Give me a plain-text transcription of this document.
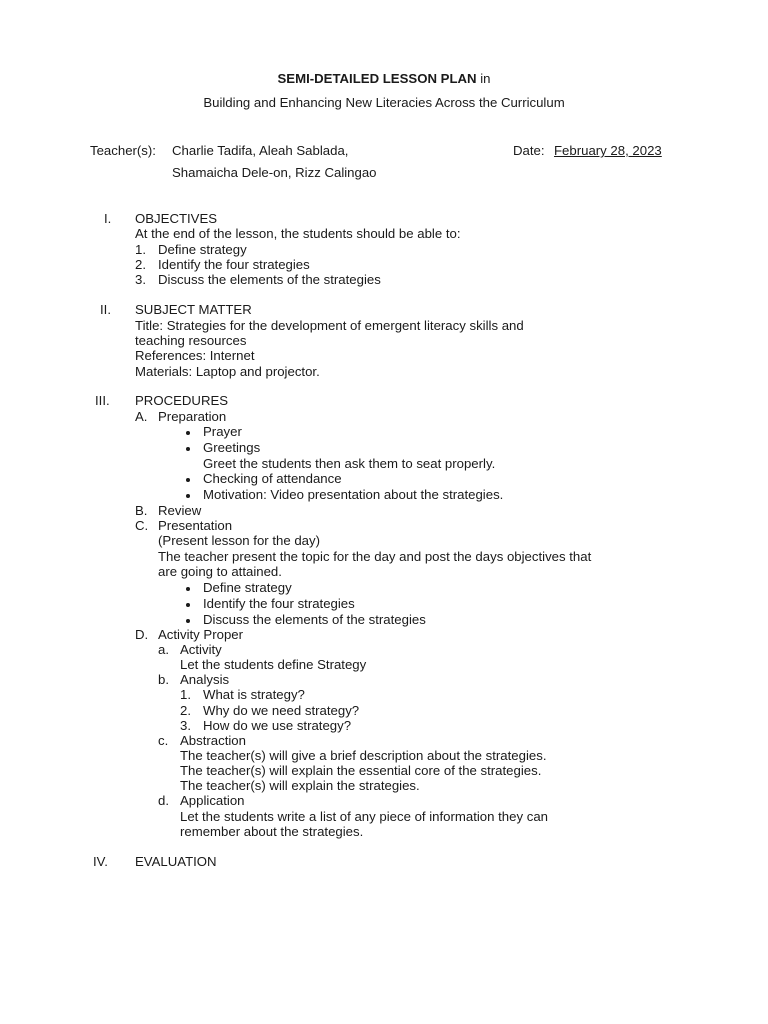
SEMI-DETAILED LESSON PLAN in
Building and Enhancing New Literacies Across the Curriculum
Teacher(s): Charlie Tadifa, Aleah Sablada,
Shamaicha Dele-on, Rizz Calingao
Date: February 28, 2023
I. OBJECTIVES
At the end of the lesson, the students should be able to:
1. Define strategy
2. Identify the four strategies
3. Discuss the elements of the strategies
II. SUBJECT MATTER
Title: Strategies for the development of emergent literacy skills and
teaching resources
References: Internet
Materials: Laptop and projector.
III. PROCEDURES
A. Preparation
Prayer
Greetings
Greet the students then ask them to seat properly.
Checking of attendance
Motivation: Video presentation about the strategies.
B. Review
C. Presentation
(Present lesson for the day)
The teacher present the topic for the day and post the days objectives that
are going to attained.
Define strategy
Identify the four strategies
Discuss the elements of the strategies
D. Activity Proper
a. Activity
Let the students define Strategy
b. Analysis
1. What is strategy?
2. Why do we need strategy?
3. How do we use strategy?
c. Abstraction
The teacher(s) will give a brief description about the strategies.
The teacher(s) will explain the essential core of the strategies.
The teacher(s) will explain the strategies.
d. Application
Let the students write a list of any piece of information they can
remember about the strategies.
IV. EVALUATION
